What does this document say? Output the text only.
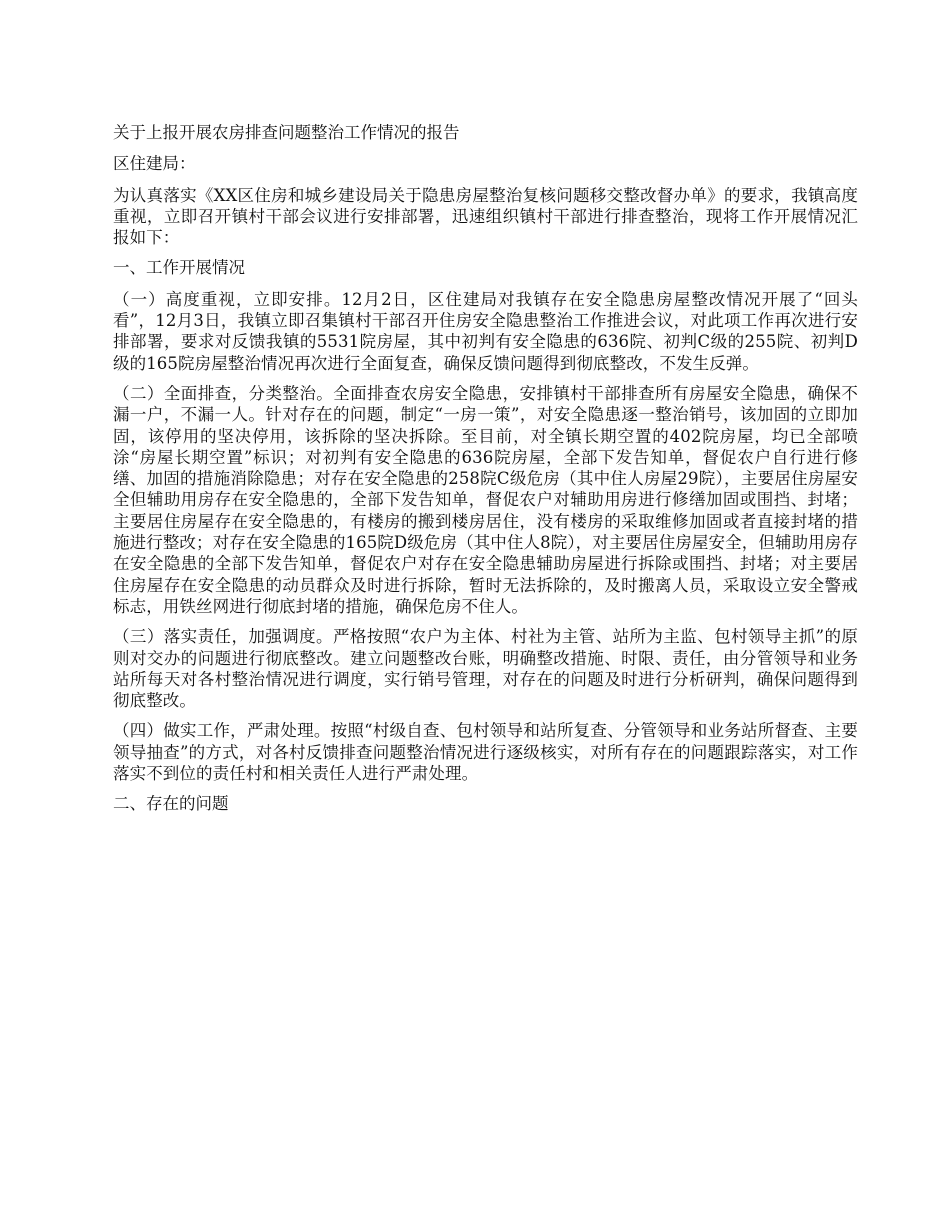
关于上报开展农房排查问题整治工作情况的报告

区住建局：

为认真落实《XX区住房和城乡建设局关于隐患房屋整治复核问题移交整改督办单》的要求，我镇高度重视，立即召开镇村干部会议进行安排部署，迅速组织镇村干部进行排查整治，现将工作开展情况汇报如下：

一、工作开展情况

（一）高度重视，立即安排。12月2日，区住建局对我镇存在安全隐患房屋整改情况开展了“回头看”，12月3日，我镇立即召集镇村干部召开住房安全隐患整治工作推进会议，对此项工作再次进行安排部署，要求对反馈我镇的5531院房屋，其中初判有安全隐患的636院、初判C级的255院、初判D级的165院房屋整治情况再次进行全面复查，确保反馈问题得到彻底整改，不发生反弹。

（二）全面排查，分类整治。全面排查农房安全隐患，安排镇村干部排查所有房屋安全隐患，确保不漏一户，不漏一人。针对存在的问题，制定“一房一策”，对安全隐患逐一整治销号，该加固的立即加固，该停用的坚决停用，该拆除的坚决拆除。至目前，对全镇长期空置的402院房屋，均已全部喷涂“房屋长期空置”标识；对初判有安全隐患的636院房屋，全部下发告知单，督促农户自行进行修缮、加固的措施消除隐患；对存在安全隐患的258院C级危房（其中住人房屋29院），主要居住房屋安全但辅助用房存在安全隐患的，全部下发告知单，督促农户对辅助用房进行修缮加固或围挡、封堵；主要居住房屋存在安全隐患的，有楼房的搬到楼房居住，没有楼房的采取维修加固或者直接封堵的措施进行整改；对存在安全隐患的165院D级危房（其中住人8院），对主要居住房屋安全，但辅助用房存在安全隐患的全部下发告知单，督促农户对存在安全隐患辅助房屋进行拆除或围挡、封堵；对主要居住房屋存在安全隐患的动员群众及时进行拆除，暂时无法拆除的，及时搬离人员，采取设立安全警戒标志，用铁丝网进行彻底封堵的措施，确保危房不住人。

（三）落实责任，加强调度。严格按照“农户为主体、村社为主管、站所为主监、包村领导主抓”的原则对交办的问题进行彻底整改。建立问题整改台账，明确整改措施、时限、责任，由分管领导和业务站所每天对各村整治情况进行调度，实行销号管理，对存在的问题及时进行分析研判，确保问题得到彻底整改。

（四）做实工作，严肃处理。按照“村级自查、包村领导和站所复查、分管领导和业务站所督查、主要领导抽查”的方式，对各村反馈排查问题整治情况进行逐级核实，对所有存在的问题跟踪落实，对工作落实不到位的责任村和相关责任人进行严肃处理。

二、存在的问题
